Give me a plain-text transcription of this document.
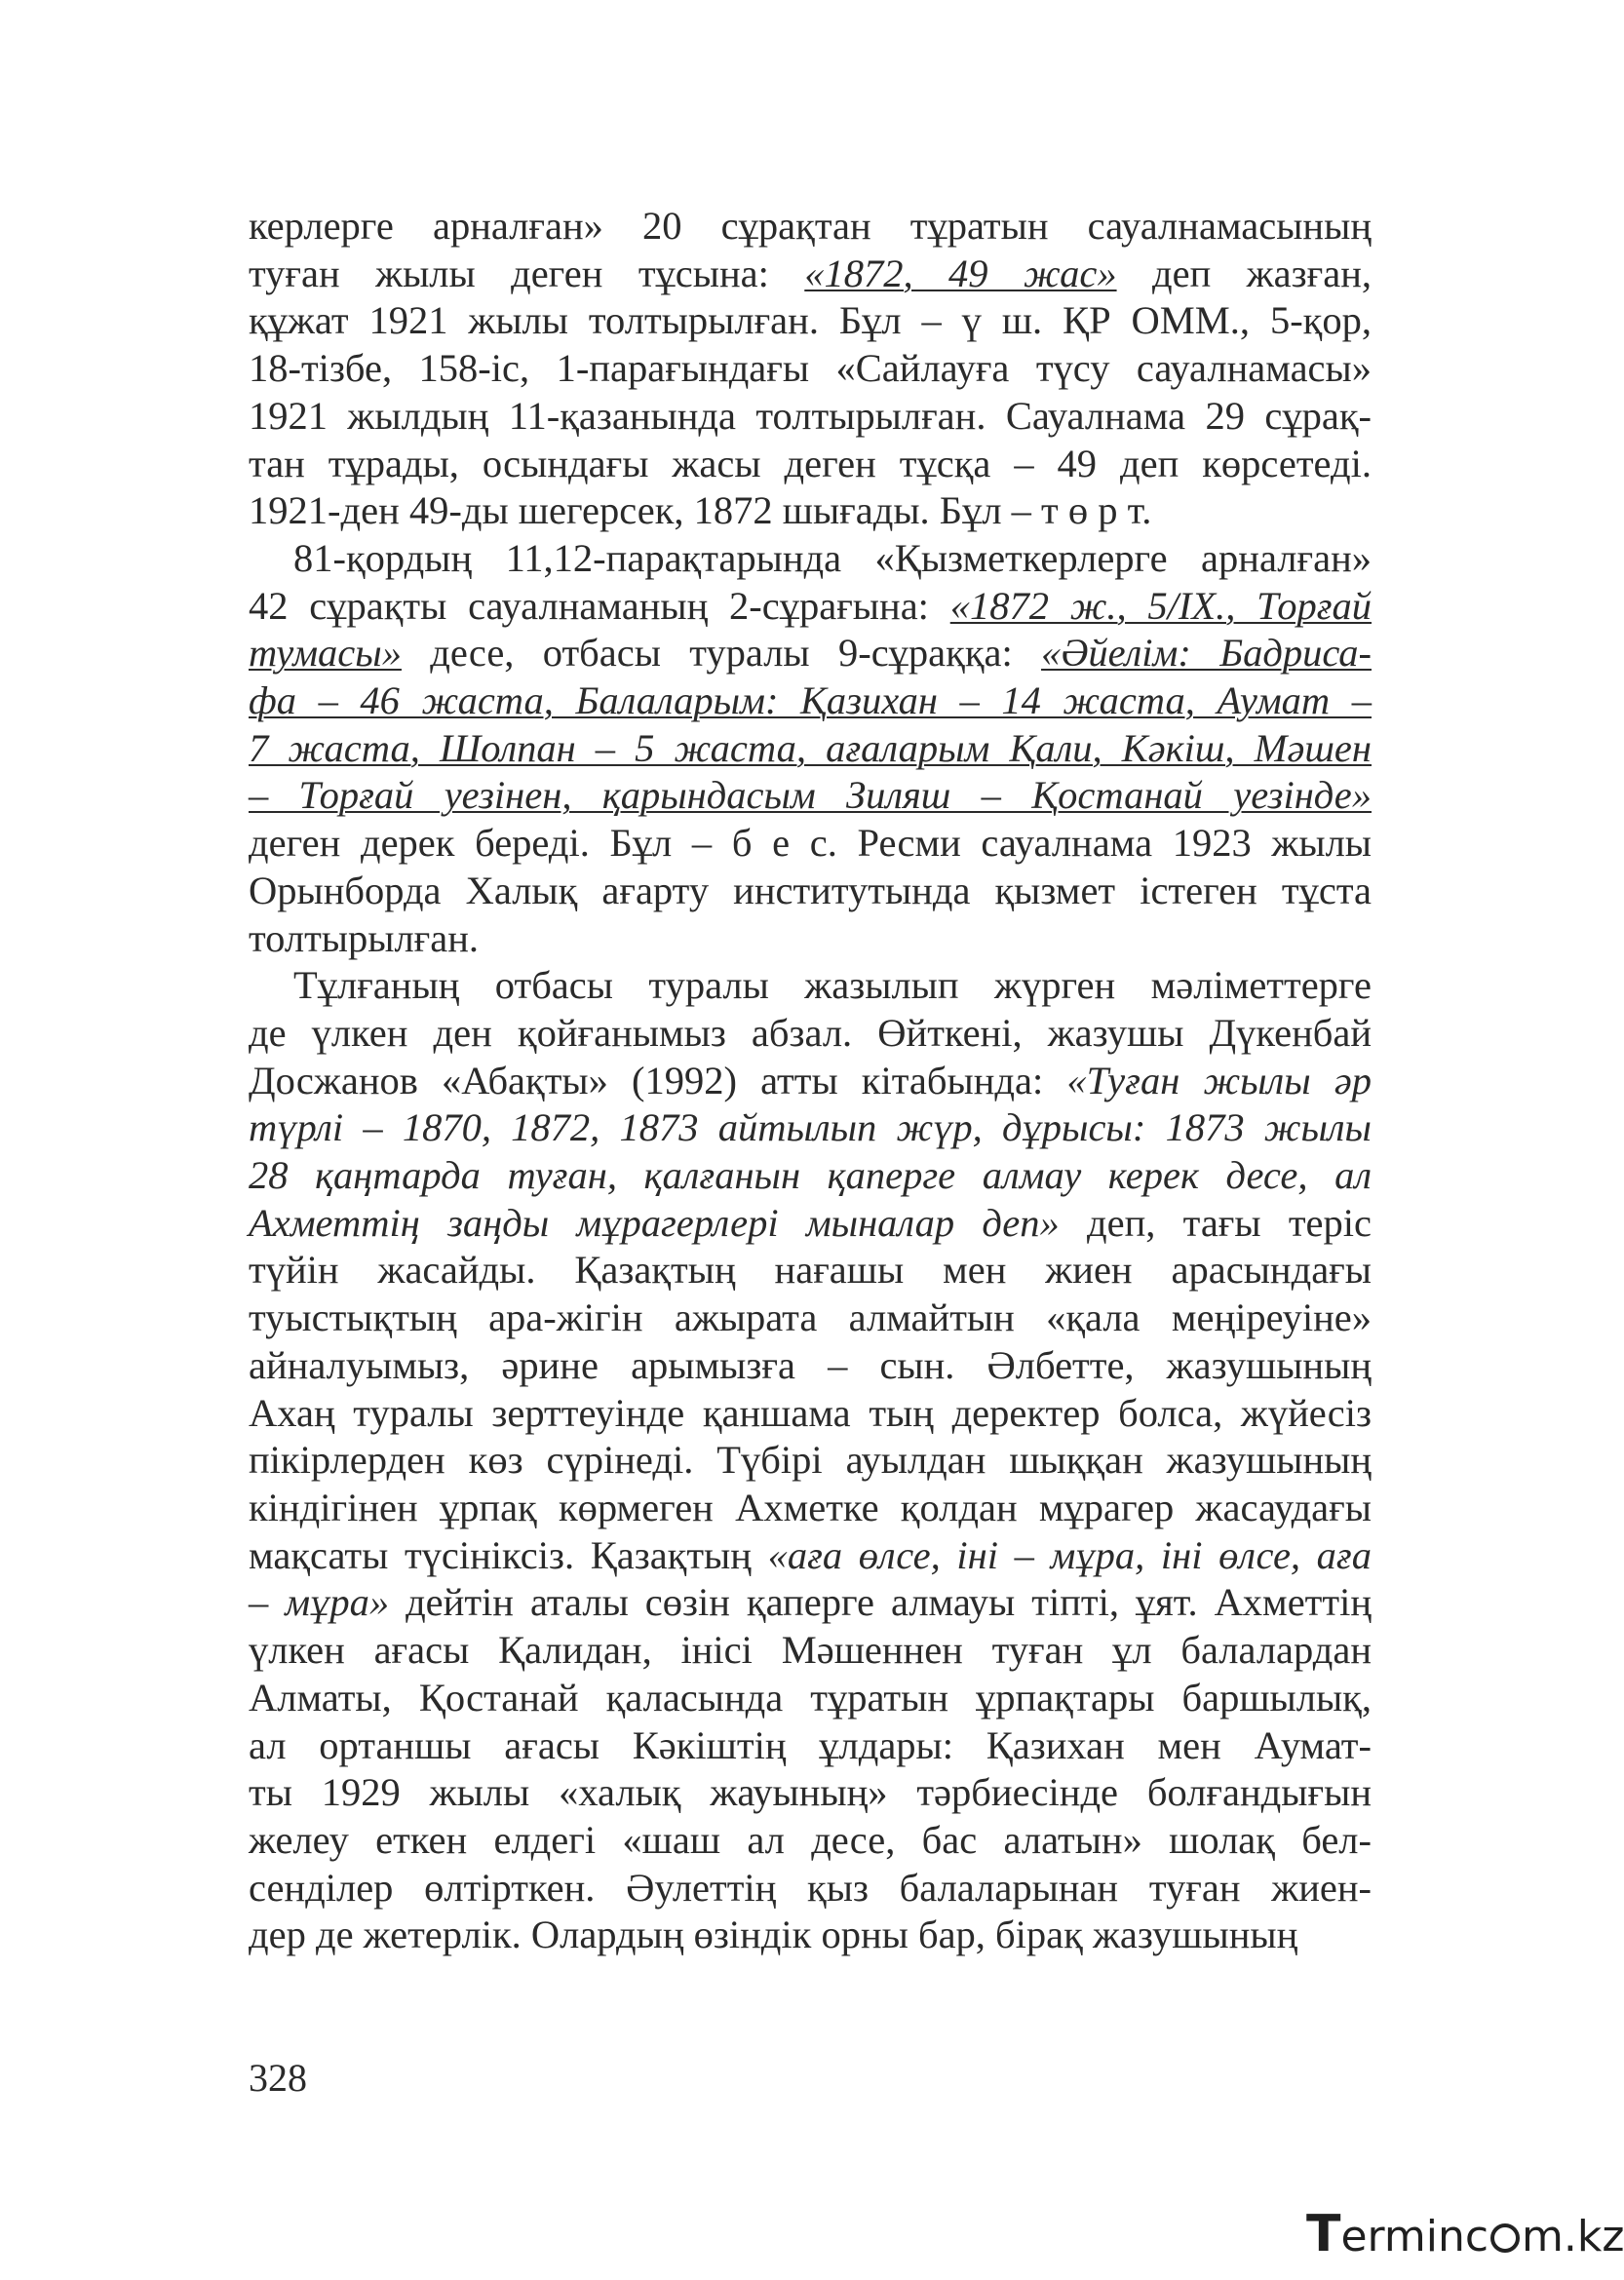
керлерге арналған» 20 сұрақтан тұратын сауалнамасының

туған жылы деген тұсына: «1872, 49 жас» деп жазған,

құжат 1921 жылы толтырылған. Бұл – ү ш. ҚР ОММ., 5-қор,

18-тізбе, 158-іс, 1-парағындағы «Сайлауға түсу сауалнамасы»

1921 жылдың 11-қазанында толтырылған. Сауалнама 29 сұрақ-

тан тұрады, осындағы жасы деген тұсқа – 49 деп көрсетеді.

1921-ден 49-ды шегерсек, 1872 шығады. Бұл – т ө р т.

81-қордың 11,12-парақтарында «Қызметкерлерге арналған»

42 сұрақты сауалнаманың 2-сұрағына: «1872 ж., 5/IX., Торғай

тумасы» десе, отбасы туралы 9-сұраққа: «Әйелім: Бадриса-

фа – 46 жаста, Балаларым: Қазихан – 14 жаста, Аумат –

7 жаста, Шолпан – 5 жаста, ағаларым Қали, Кәкіш, Мәшен

– Торғай уезінен, қарындасым Зиляш – Қостанай уезінде»

деген дерек береді. Бұл – б е с. Ресми сауалнама 1923 жылы

Орынборда Халық ағарту институтында қызмет істеген тұста

толтырылған.

Тұлғаның отбасы туралы жазылып жүрген мәліметтерге

де үлкен ден қойғанымыз абзал. Өйткені, жазушы Дүкенбай

Досжанов «Абақты» (1992) атты кітабында: «Туған жылы әр

түрлі – 1870, 1872, 1873 айтылып жүр, дұрысы: 1873 жылы

28 қаңтарда туған, қалғанын қаперге алмау керек десе, ал

Ахметтің заңды мұрагерлері мыналар деп» деп, тағы теріс

түйін жасайды. Қазақтың нағашы мен жиен арасындағы

туыстықтың ара-жігін ажырата алмайтын «қала меңіреуіне»

айналуымыз, әрине арымызға – сын. Әлбетте, жазушының

Ахаң туралы зерттеуінде қаншама тың деректер болса, жүйесіз

пікірлерден көз сүрінеді. Түбірі ауылдан шыққан жазушының

кіндігінен ұрпақ көрмеген Ахметке қолдан мұрагер жасаудағы

мақсаты түсініксіз. Қазақтың «аға өлсе, іні – мұра, іні өлсе, аға

– мұра» дейтін аталы сөзін қаперге алмауы тіпті, ұят. Ахметтің

үлкен ағасы Қалидан, інісі Мәшеннен туған ұл балалардан

Алматы, Қостанай қаласында тұратын ұрпақтары баршылық,

ал ортаншы ағасы Кәкіштің ұлдары: Қазихан мен Аумат-

ты 1929 жылы «халық жауының» тәрбиесінде болғандығын

желеу еткен елдегі «шаш ал десе, бас алатын» шолақ бел-

сенділер өлтірткен. Әулеттің қыз балаларынан туған жиен-

дер де жетерлік. Олардың өзіндік орны бар, бірақ жазушының

328
Terminc m.kz
